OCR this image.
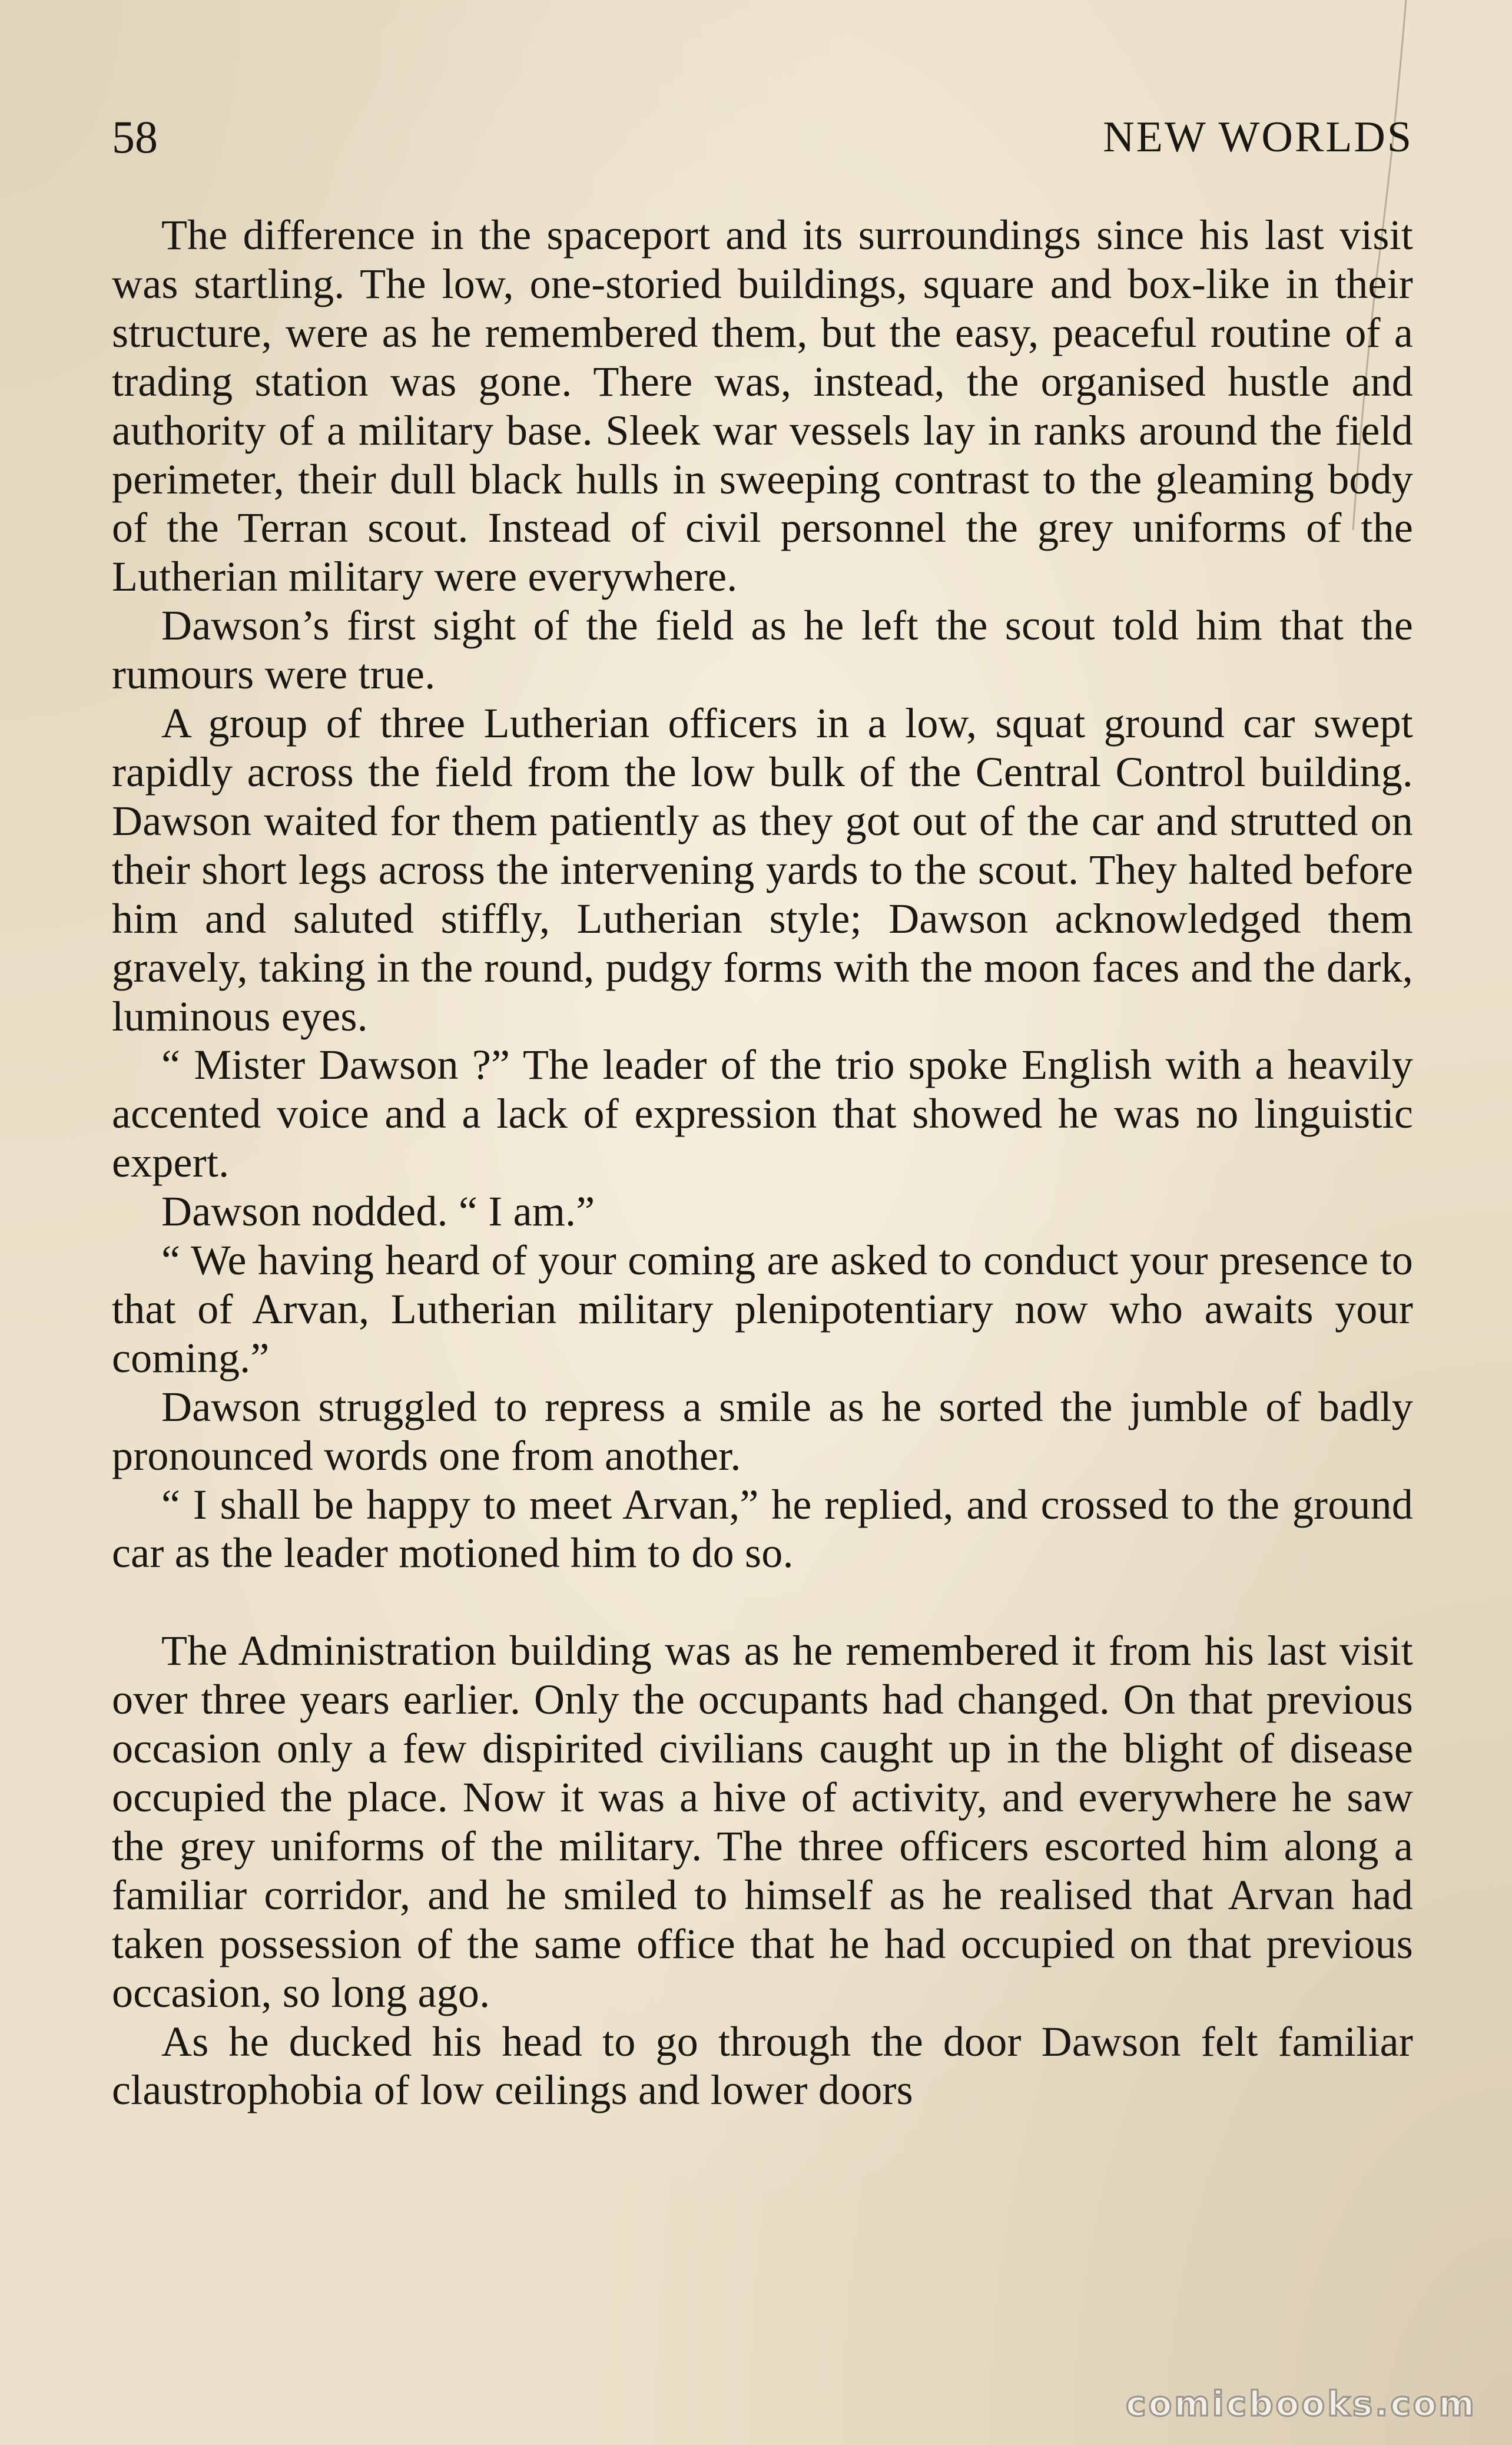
58	NEW WORLDS

The difference in the spaceport and its surroundings since his last visit was startling. The low, one-storied buildings, square and box-like in their structure, were as he remembered them, but the easy, peaceful routine of a trading station was gone. There was, instead, the organised hustle and authority of a military base. Sleek war vessels lay in ranks around the field perimeter, their dull black hulls in sweeping contrast to the gleaming body of the Terran scout. Instead of civil personnel the grey uniforms of the Lutherian military were everywhere.

Dawson’s first sight of the field as he left the scout told him that the rumours were true.

A group of three Lutherian officers in a low, squat ground car swept rapidly across the field from the low bulk of the Central Control building. Dawson waited for them patiently as they got out of the car and strutted on their short legs across the intervening yards to the scout. They halted before him and saluted stiffly, Lutherian style; Dawson acknowledged them gravely, taking in the round, pudgy forms with the moon faces and the dark, luminous eyes.

“ Mister Dawson ?” The leader of the trio spoke English with a heavily accented voice and a lack of expression that showed he was no linguistic expert.

Dawson nodded. “ I am.”

“ We having heard of your coming are asked to conduct your presence to that of Arvan, Lutherian military plenipotentiary now who awaits your coming.”

Dawson struggled to repress a smile as he sorted the jumble of badly pronounced words one from another.

“ I shall be happy to meet Arvan,” he replied, and crossed to the ground car as the leader motioned him to do so.

The Administration building was as he remembered it from his last visit over three years earlier. Only the occupants had changed. On that previous occasion only a few dispirited civilians caught up in the blight of disease occupied the place. Now it was a hive of activity, and everywhere he saw the grey uniforms of the military. The three officers escorted him along a familiar corridor, and he smiled to himself as he realised that Arvan had taken possession of the same office that he had occupied on that previous occasion, so long ago.

As he ducked his head to go through the door Dawson felt familiar claustrophobia of low ceilings and lower doors

comicbooks.com
